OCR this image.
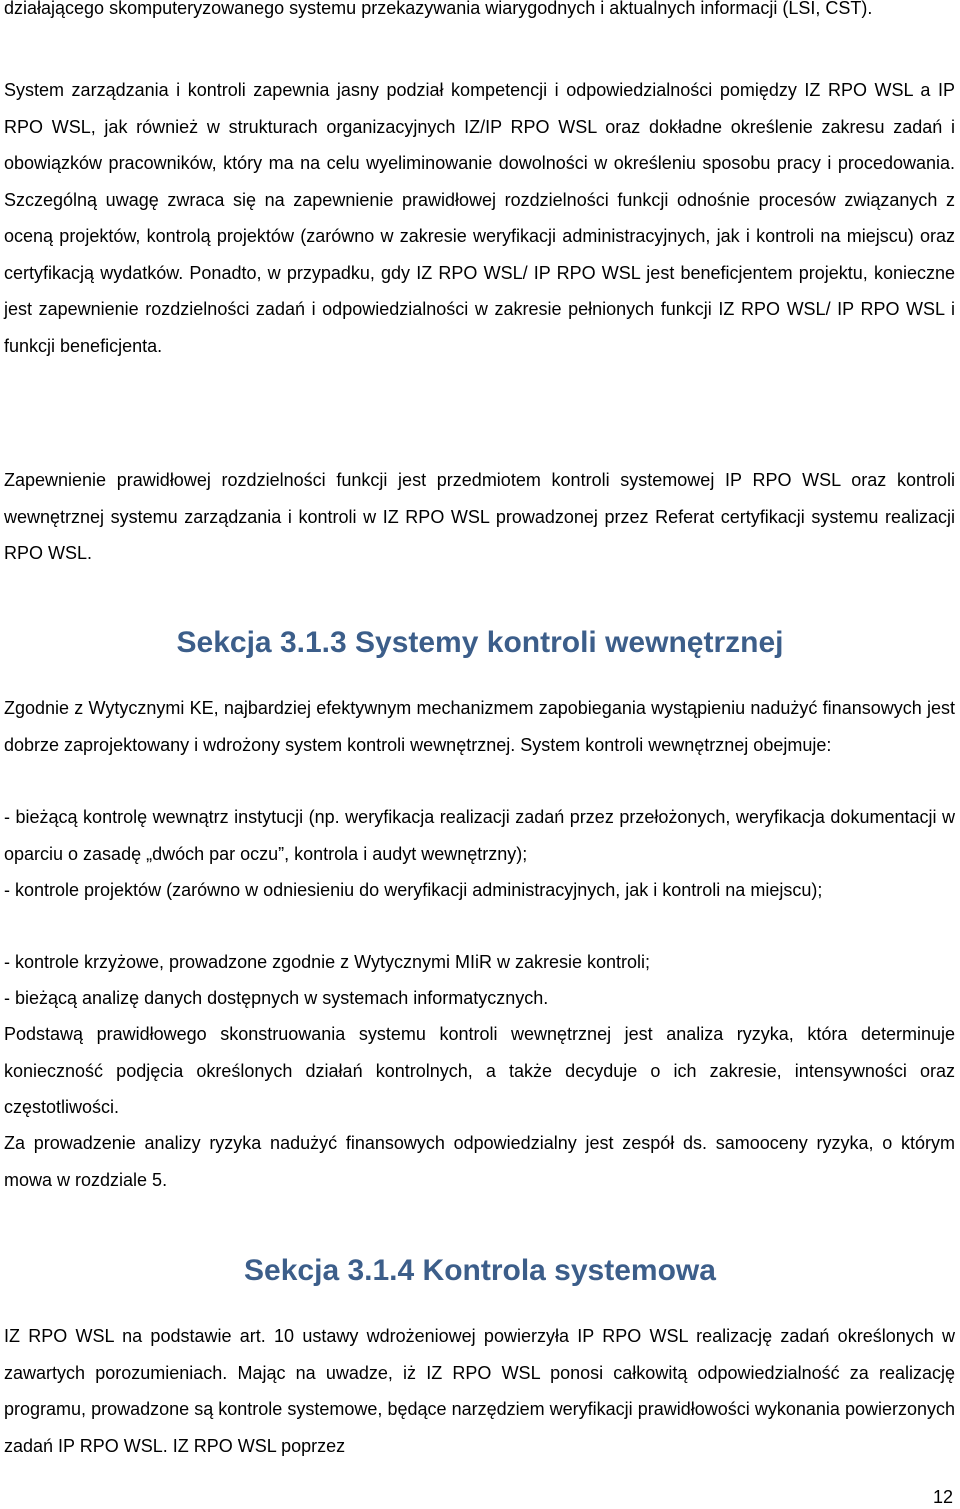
działającego skomputeryzowanego systemu przekazywania wiarygodnych i aktualnych informacji (LSI, CST).

System zarządzania i kontroli zapewnia jasny podział kompetencji i odpowiedzialności pomiędzy IZ RPO WSL a IP RPO WSL, jak również w strukturach organizacyjnych IZ/IP RPO WSL oraz dokładne określenie zakresu zadań i obowiązków pracowników, który ma na celu wyeliminowanie dowolności w określeniu sposobu pracy i procedowania. Szczególną uwagę zwraca się na zapewnienie prawidłowej rozdzielności funkcji odnośnie procesów związanych z oceną projektów, kontrolą projektów (zarówno w zakresie weryfikacji administracyjnych, jak i kontroli na miejscu) oraz certyfikacją wydatków. Ponadto, w przypadku, gdy IZ RPO WSL/ IP RPO WSL jest beneficjentem projektu, konieczne jest zapewnienie rozdzielności zadań i odpowiedzialności w zakresie pełnionych funkcji IZ RPO WSL/ IP RPO WSL i funkcji beneficjenta.

Zapewnienie prawidłowej rozdzielności funkcji jest przedmiotem kontroli systemowej IP RPO WSL oraz kontroli wewnętrznej systemu zarządzania i kontroli w IZ RPO WSL prowadzonej przez Referat certyfikacji systemu realizacji RPO WSL.

Sekcja 3.1.3 Systemy kontroli wewnętrznej

Zgodnie z Wytycznymi KE, najbardziej efektywnym mechanizmem zapobiegania wystąpieniu nadużyć finansowych jest dobrze zaprojektowany i wdrożony system kontroli wewnętrznej. System kontroli wewnętrznej obejmuje:

- bieżącą kontrolę wewnątrz instytucji (np. weryfikacja realizacji zadań przez przełożonych, weryfikacja dokumentacji w oparciu o zasadę „dwóch par oczu”, kontrola i audyt wewnętrzny);

- kontrole projektów (zarówno w odniesieniu do weryfikacji administracyjnych, jak i kontroli na miejscu);

- kontrole krzyżowe, prowadzone zgodnie z Wytycznymi MIiR w zakresie kontroli;

- bieżącą analizę danych dostępnych w systemach informatycznych.

Podstawą prawidłowego skonstruowania systemu kontroli wewnętrznej jest analiza ryzyka, która determinuje konieczność podjęcia określonych działań kontrolnych, a także decyduje o ich zakresie, intensywności oraz częstotliwości.

Za prowadzenie analizy ryzyka nadużyć finansowych odpowiedzialny jest zespół ds. samooceny ryzyka, o którym mowa w rozdziale 5.

Sekcja 3.1.4 Kontrola systemowa

IZ RPO WSL na podstawie art. 10 ustawy wdrożeniowej powierzyła IP RPO WSL realizację zadań określonych w zawartych porozumieniach. Mając na uwadze, iż IZ RPO WSL ponosi całkowitą odpowiedzialność za realizację programu, prowadzone są kontrole systemowe, będące narzędziem weryfikacji prawidłowości wykonania powierzonych zadań IP RPO WSL. IZ RPO WSL poprzez

12
